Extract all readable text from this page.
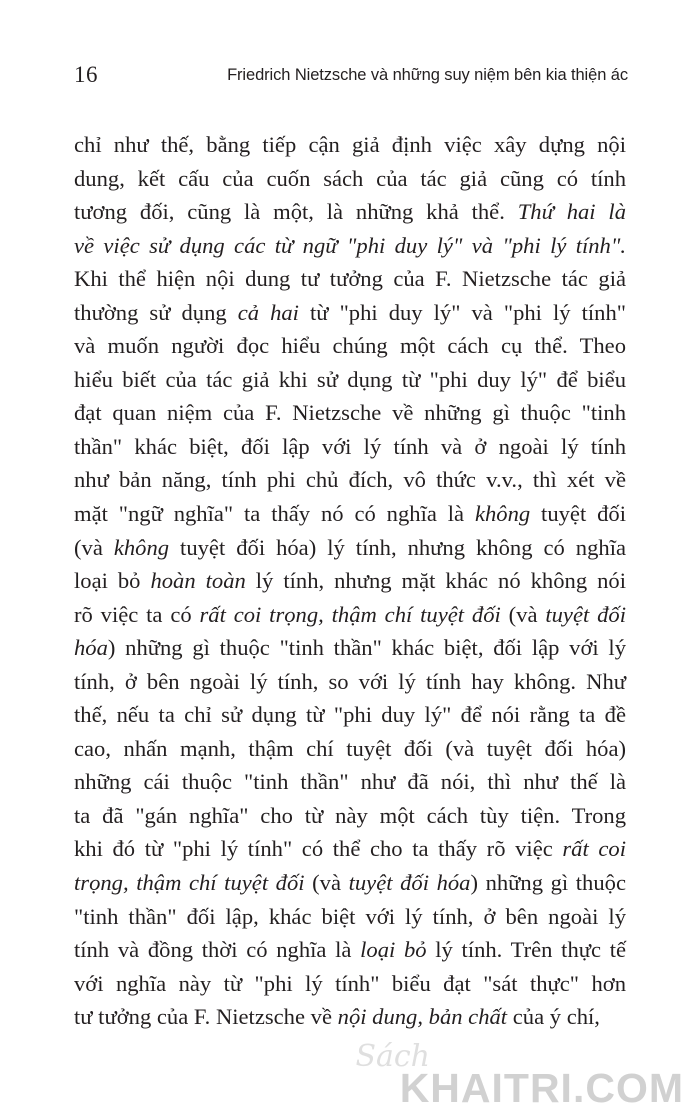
16	Friedrich Nietzsche và những suy niệm bên kia thiện ác
chỉ như thế, bằng tiếp cận giả định việc xây dựng nội
dung, kết cấu của cuốn sách của tác giả cũng có tính
tương đối, cũng là một, là những khả thể. Thứ hai là
về việc sử dụng các từ ngữ "phi duy lý" và "phi lý tính".
Khi thể hiện nội dung tư tưởng của F. Nietzsche tác giả
thường sử dụng cả hai từ "phi duy lý" và "phi lý tính"
và muốn người đọc hiểu chúng một cách cụ thể. Theo
hiểu biết của tác giả khi sử dụng từ "phi duy lý" để biểu
đạt quan niệm của F. Nietzsche về những gì thuộc "tinh
thần" khác biệt, đối lập với lý tính và ở ngoài lý tính
như bản năng, tính phi chủ đích, vô thức v.v., thì xét về
mặt "ngữ nghĩa" ta thấy nó có nghĩa là không tuyệt đối
(và không tuyệt đối hóa) lý tính, nhưng không có nghĩa
loại bỏ hoàn toàn lý tính, nhưng mặt khác nó không nói
rõ việc ta có rất coi trọng, thậm chí tuyệt đối (và tuyệt đối
hóa) những gì thuộc "tinh thần" khác biệt, đối lập với lý
tính, ở bên ngoài lý tính, so với lý tính hay không. Như
thế, nếu ta chỉ sử dụng từ "phi duy lý" để nói rằng ta đề
cao, nhấn mạnh, thậm chí tuyệt đối (và tuyệt đối hóa)
những cái thuộc "tinh thần" như đã nói, thì như thế là
ta đã "gán nghĩa" cho từ này một cách tùy tiện. Trong
khi đó từ "phi lý tính" có thể cho ta thấy rõ việc rất coi
trọng, thậm chí tuyệt đối (và tuyệt đối hóa) những gì thuộc
"tinh thần" đối lập, khác biệt với lý tính, ở bên ngoài lý
tính và đồng thời có nghĩa là loại bỏ lý tính. Trên thực tế
với nghĩa này từ "phi lý tính" biểu đạt "sát thực" hơn
tư tưởng của F. Nietzsche về nội dung, bản chất của ý chí,
Sách
KHAITRI.COM
